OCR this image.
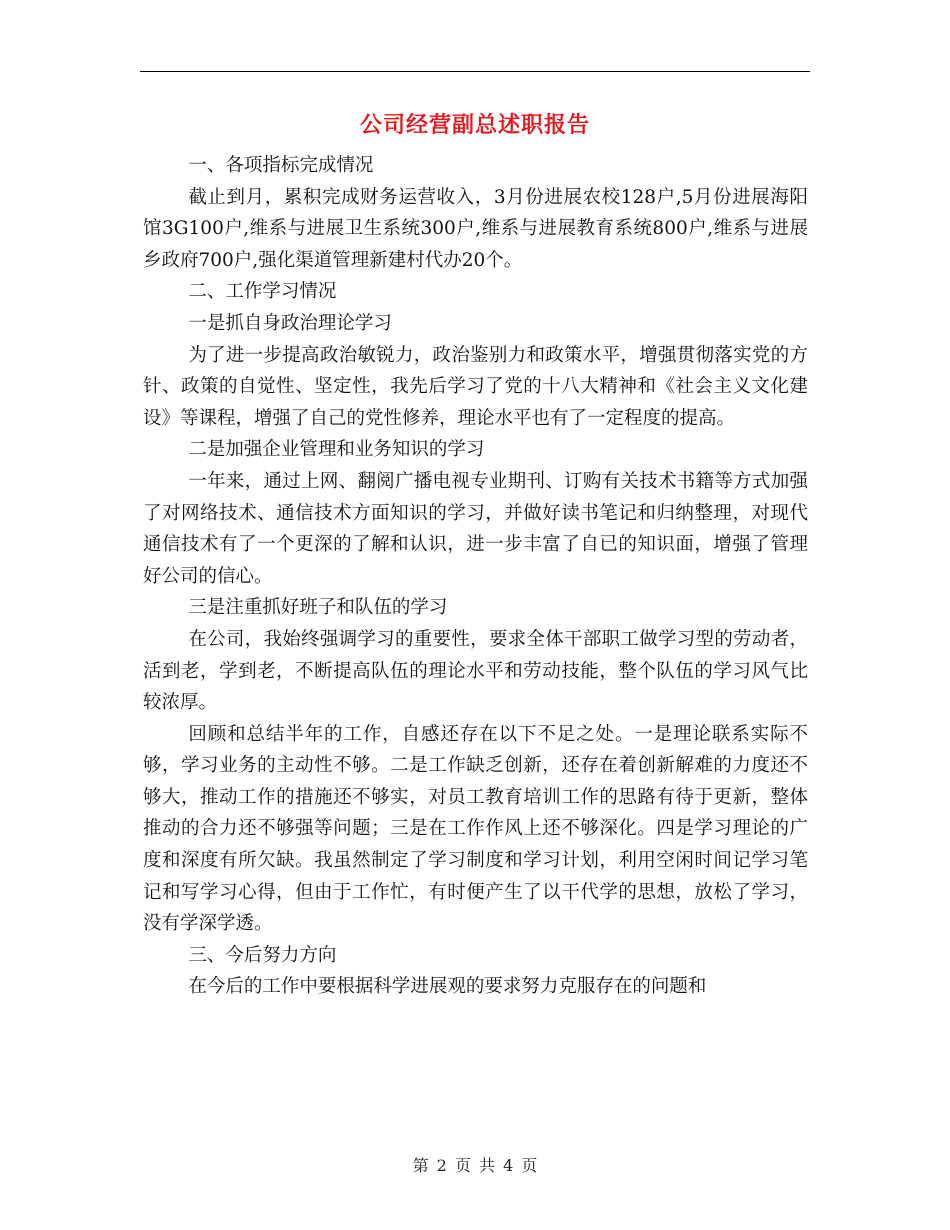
公司经营副总述职报告

一、各项指标完成情况

截止到月，累积完成财务运营收入，3月份进展农校128户,5月份进展海阳馆3G100户,维系与进展卫生系统300户,维系与进展教育系统800户,维系与进展乡政府700户,强化渠道管理新建村代办20个。

二、工作学习情况

一是抓自身政治理论学习

为了进一步提高政治敏锐力，政治鉴别力和政策水平，增强贯彻落实党的方针、政策的自觉性、坚定性，我先后学习了党的十八大精神和《社会主义文化建设》等课程，增强了自己的党性修养，理论水平也有了一定程度的提高。

二是加强企业管理和业务知识的学习

一年来，通过上网、翻阅广播电视专业期刊、订购有关技术书籍等方式加强了对网络技术、通信技术方面知识的学习，并做好读书笔记和归纳整理，对现代通信技术有了一个更深的了解和认识，进一步丰富了自已的知识面，增强了管理好公司的信心。

三是注重抓好班子和队伍的学习

在公司，我始终强调学习的重要性，要求全体干部职工做学习型的劳动者，活到老，学到老，不断提高队伍的理论水平和劳动技能，整个队伍的学习风气比较浓厚。

回顾和总结半年的工作，自感还存在以下不足之处。一是理论联系实际不够，学习业务的主动性不够。二是工作缺乏创新，还存在着创新解难的力度还不够大，推动工作的措施还不够实，对员工教育培训工作的思路有待于更新，整体推动的合力还不够强等问题；三是在工作作风上还不够深化。四是学习理论的广度和深度有所欠缺。我虽然制定了学习制度和学习计划，利用空闲时间记学习笔记和写学习心得，但由于工作忙，有时便产生了以干代学的思想，放松了学习，没有学深学透。

三、今后努力方向

在今后的工作中要根据科学进展观的要求努力克服存在的问题和

第 2 页 共 4 页
